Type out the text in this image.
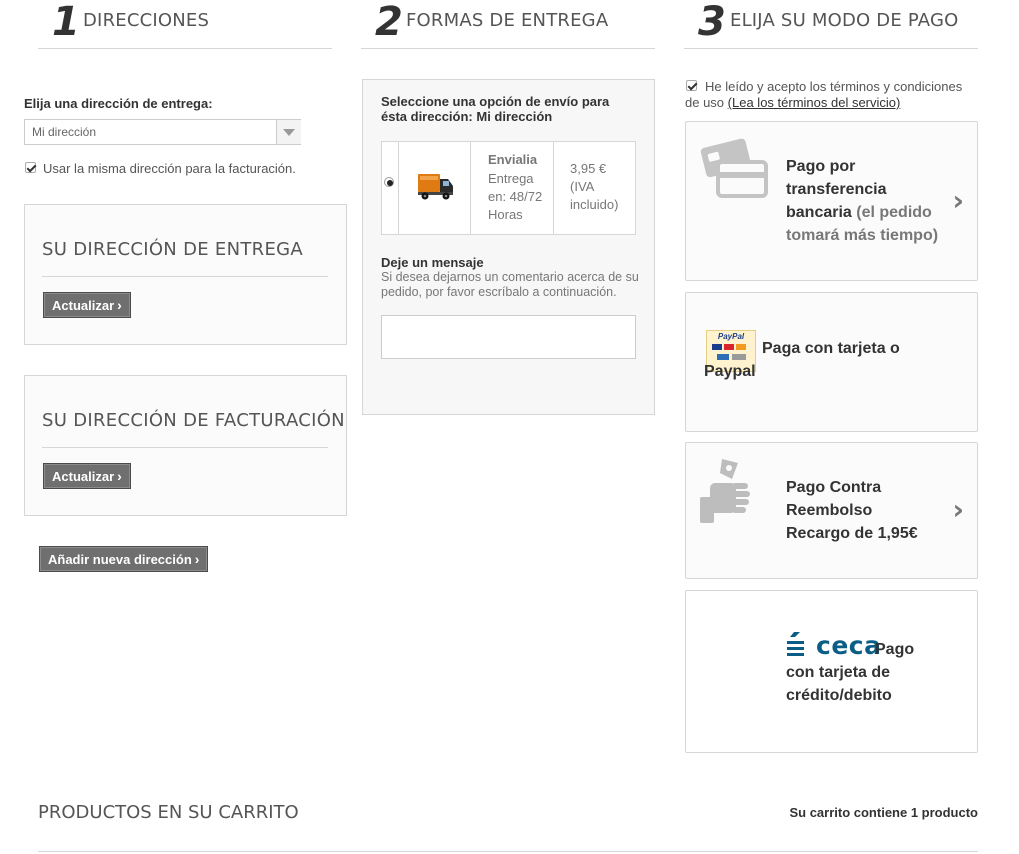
1 DIRECCIONES	2 FORMAS DE ENTREGA 3 ELIJA SU MODO DE PAGO
Elija una dirección de entrega:
Mi dirección
Usar la misma dirección para la facturación.
SU DIRECCIÓN DE ENTREGA
Actualizar ›
SU DIRECCIÓN DE FACTURACIÓN
Actualizar ›
Añadir nueva dirección ›
Seleccione una opción de envío para ésta dirección: Mi dirección
Envialia
Entrega en: 48/72 Horas
3,95 € (IVA incluido)
Deje un mensaje
Si desea dejarnos un comentario acerca de su pedido, por favor escríbalo a continuación.
He leído y acepto los términos y condiciones de uso (Lea los términos del servicio)
Pago por transferencia bancaria (el pedido tomará más tiempo)
›
PayPal
Paga con tarjeta o Paypal
Pago Contra Reembolso Recargo de 1,95€
›
ceca
Pago con tarjeta de crédito/debito
PRODUCTOS EN SU CARRITO	Su carrito contiene 1 producto
